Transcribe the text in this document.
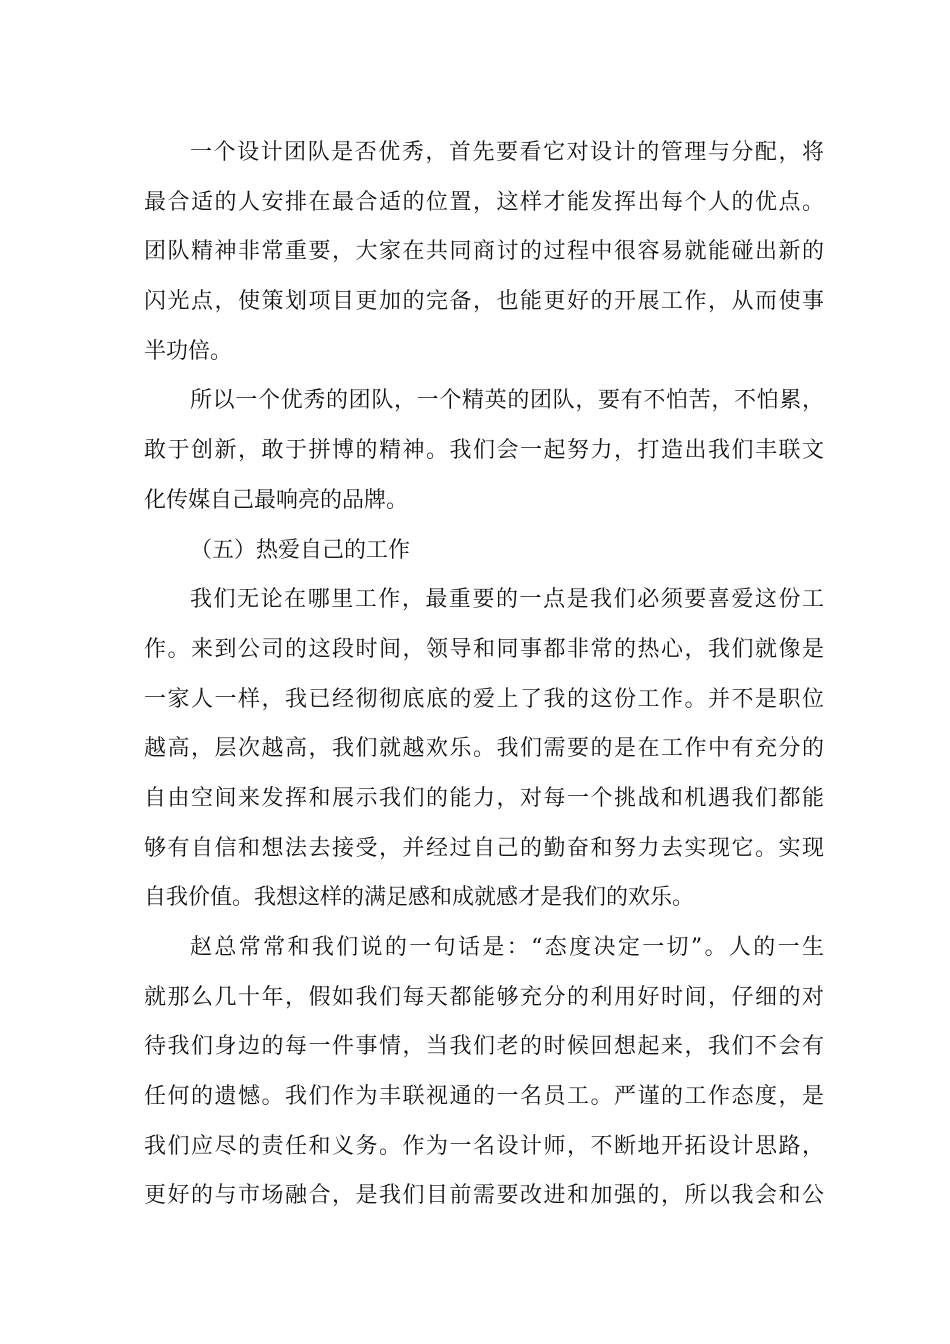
一个设计团队是否优秀，首先要看它对设计的管理与分配，将
最合适的人安排在最合适的位置，这样才能发挥出每个人的优点。
团队精神非常重要，大家在共同商讨的过程中很容易就能碰出新的
闪光点，使策划项目更加的完备，也能更好的开展工作，从而使事
半功倍。
所以一个优秀的团队，一个精英的团队，要有不怕苦，不怕累，
敢于创新，敢于拼博的精神。我们会一起努力，打造出我们丰联文
化传媒自己最响亮的品牌。
（五）热爱自己的工作
我们无论在哪里工作，最重要的一点是我们必须要喜爱这份工
作。来到公司的这段时间，领导和同事都非常的热心，我们就像是
一家人一样，我已经彻彻底底的爱上了我的这份工作。并不是职位
越高，层次越高，我们就越欢乐。我们需要的是在工作中有充分的
自由空间来发挥和展示我们的能力，对每一个挑战和机遇我们都能
够有自信和想法去接受，并经过自己的勤奋和努力去实现它。实现
自我价值。我想这样的满足感和成就感才是我们的欢乐。
赵总常常和我们说的一句话是：“态度决定一切”。人的一生
就那么几十年，假如我们每天都能够充分的利用好时间，仔细的对
待我们身边的每一件事情，当我们老的时候回想起来，我们不会有
任何的遗憾。我们作为丰联视通的一名员工。严谨的工作态度，是
我们应尽的责任和义务。作为一名设计师，不断地开拓设计思路，
更好的与市场融合，是我们目前需要改进和加强的，所以我会和公
